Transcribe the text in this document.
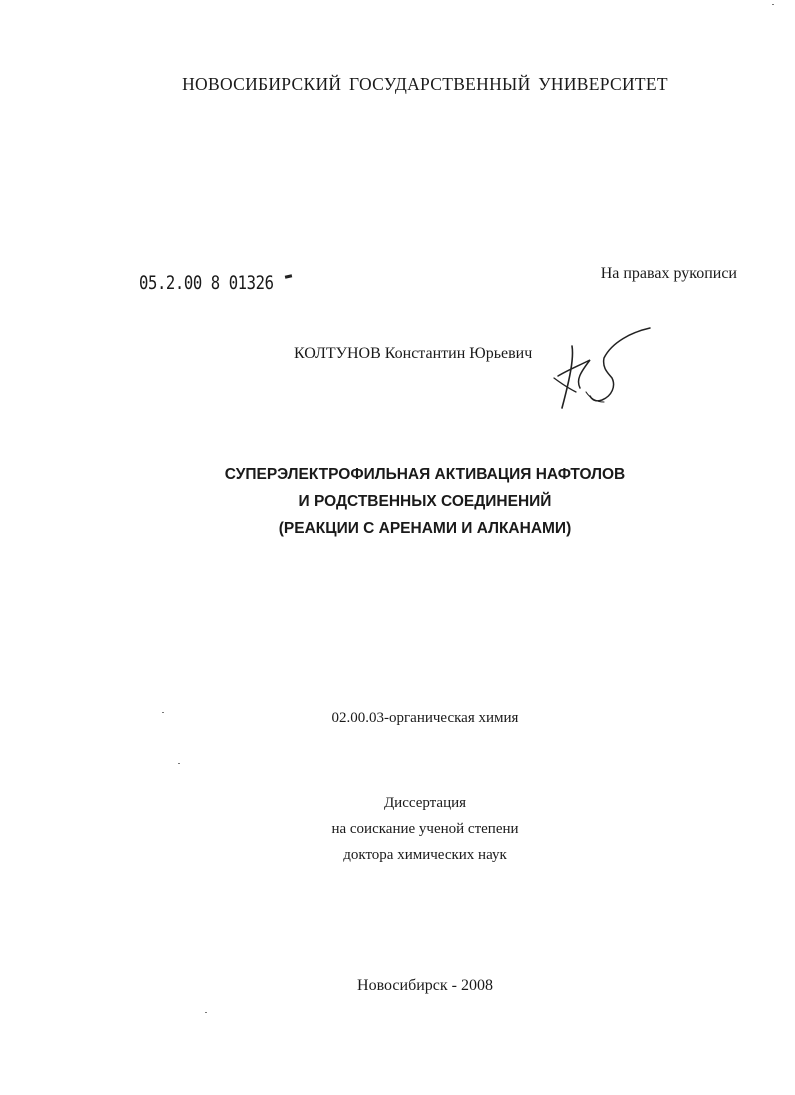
НОВОСИБИРСКИЙ ГОСУДАРСТВЕННЫЙ УНИВЕРСИТЕТ
05.2.00 8 01326	На правах рукописи
КОЛТУНОВ Константин Юрьевич
СУПЕРЭЛЕКТРОФИЛЬНАЯ АКТИВАЦИЯ НАФТОЛОВ
И РОДСТВЕННЫХ СОЕДИНЕНИЙ
(РЕАКЦИИ С АРЕНАМИ И АЛКАНАМИ)
02.00.03-органическая химия
Диссертация
на соискание ученой степени
доктора химических наук
Новосибирск - 2008
